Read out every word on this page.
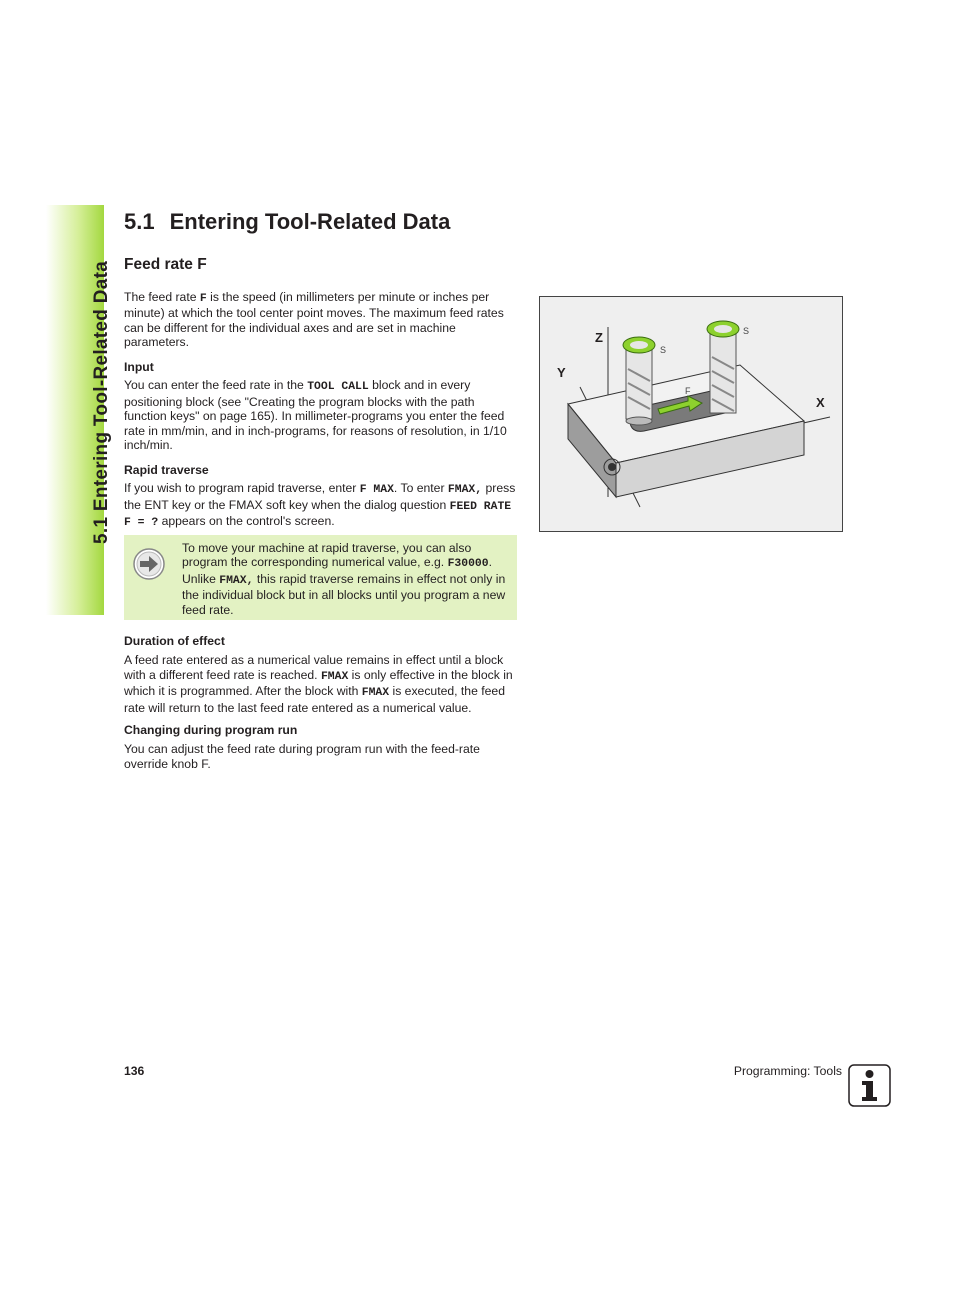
5.1 Entering Tool-Related Data
5.1 Entering Tool-Related Data
Feed rate F

The feed rate F is the speed (in millimeters per minute or inches per minute) at which the tool center point moves. The maximum feed rates can be different for the individual axes and are set in machine parameters.

Input

You can enter the feed rate in the TOOL CALL block and in every positioning block (see "Creating the program blocks with the path function keys" on page 165). In millimeter-programs you enter the feed rate in mm/min, and in inch-programs, for reasons of resolution, in 1/10 inch/min.

Rapid traverse

If you wish to program rapid traverse, enter F MAX. To enter FMAX, press the ENT key or the FMAX soft key when the dialog question FEED RATE F = ? appears on the control's screen.

To move your machine at rapid traverse, you can also program the corresponding numerical value, e.g. F30000. Unlike FMAX, this rapid traverse remains in effect not only in the individual block but in all blocks until you program a new feed rate.

Duration of effect

A feed rate entered as a numerical value remains in effect until a block with a different feed rate is reached. FMAX is only effective in the block in which it is programmed. After the block with FMAX is executed, the feed rate will return to the last feed rate entered as a numerical value.

Changing during program run

You can adjust the feed rate during program run with the feed-rate override knob F.

Z
Y
X
S
S
F
136	Programming: Tools
